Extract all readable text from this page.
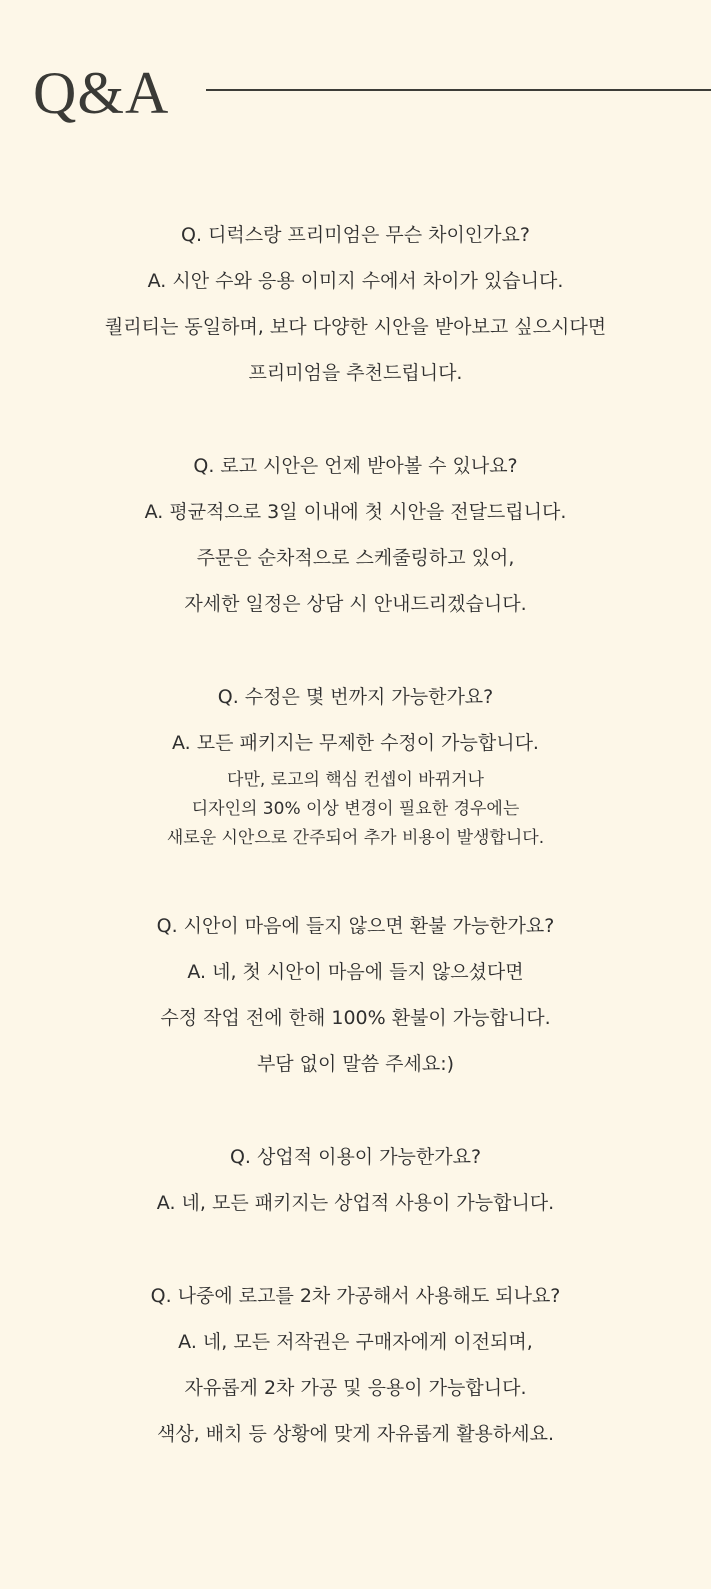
Q&A
Q. 디럭스랑 프리미엄은 무슨 차이인가요?
A. 시안 수와 응용 이미지 수에서 차이가 있습니다.
퀄리티는 동일하며, 보다 다양한 시안을 받아보고 싶으시다면
프리미엄을 추천드립니다.
Q. 로고 시안은 언제 받아볼 수 있나요?
A. 평균적으로 3일 이내에 첫 시안을 전달드립니다.
주문은 순차적으로 스케줄링하고 있어,
자세한 일정은 상담 시 안내드리겠습니다.
Q. 수정은 몇 번까지 가능한가요?
A. 모든 패키지는 무제한 수정이 가능합니다.
다만, 로고의 핵심 컨셉이 바뀌거나
디자인의 30% 이상 변경이 필요한 경우에는
새로운 시안으로 간주되어 추가 비용이 발생합니다.
Q. 시안이 마음에 들지 않으면 환불 가능한가요?
A. 네, 첫 시안이 마음에 들지 않으셨다면
수정 작업 전에 한해 100% 환불이 가능합니다.
부담 없이 말씀 주세요:)
Q. 상업적 이용이 가능한가요?
A. 네, 모든 패키지는 상업적 사용이 가능합니다.
Q. 나중에 로고를 2차 가공해서 사용해도 되나요?
A. 네, 모든 저작권은 구매자에게 이전되며,
자유롭게 2차 가공 및 응용이 가능합니다.
색상, 배치 등 상황에 맞게 자유롭게 활용하세요.
